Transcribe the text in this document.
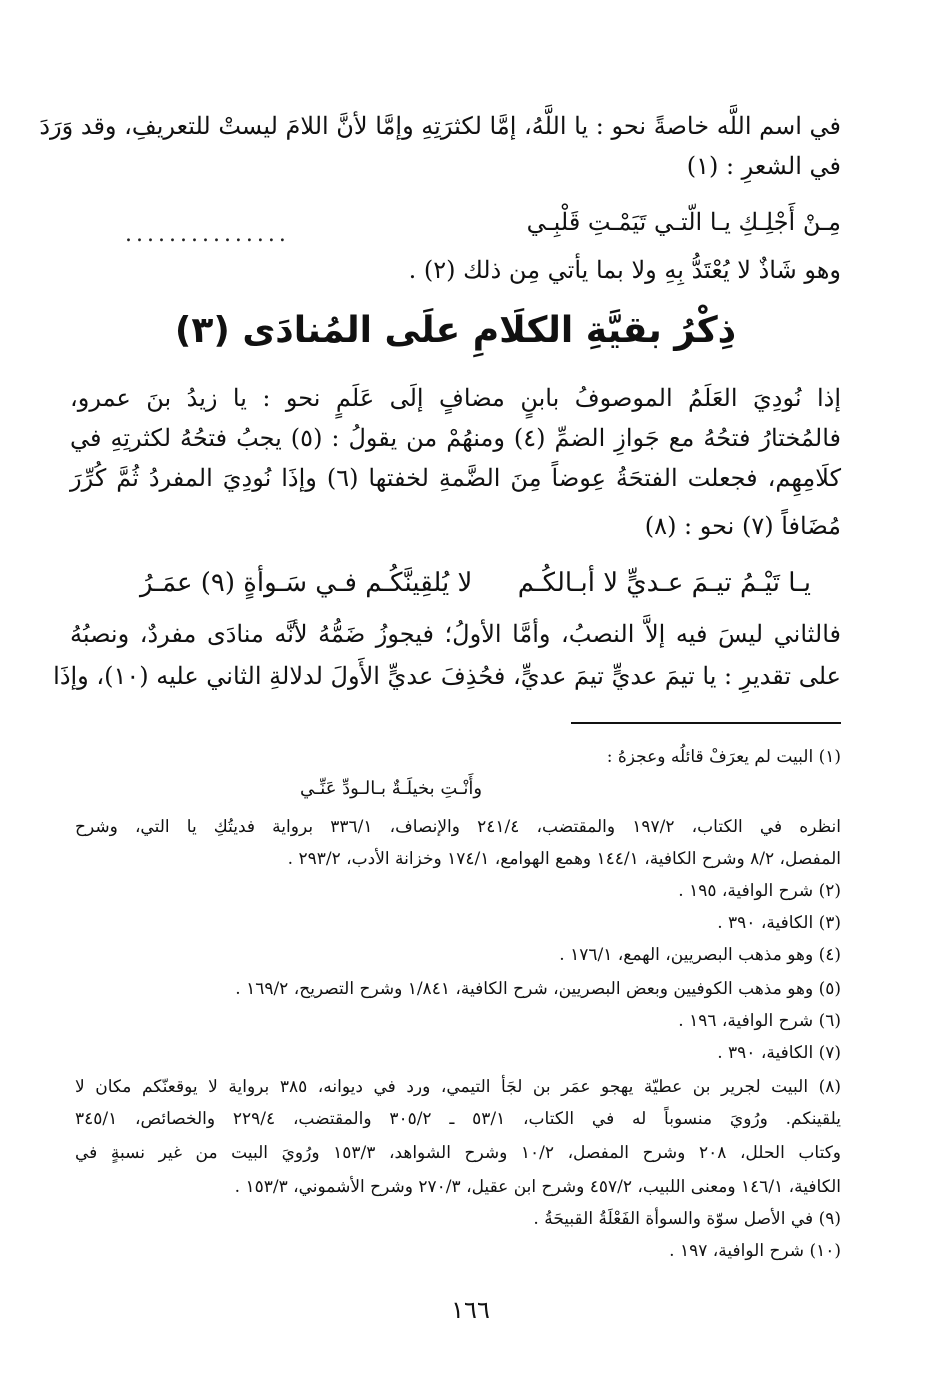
في اسم اللَّه خاصةً نحو : يا اللَّهُ، إمَّا لكثرَتِهِ وإمَّا لأنَّ اللامَ ليستْ للتعريفِ، وقد وَرَدَ
في الشعرِ : (١)
مِـنْ أَجْلِـكِ يـا الّتـي تَيَمْـتِ قَلْبِـي
...............
وهو شَاذٌ لا يُعْتَدُّ بِهِ ولا بما يأتي مِن ذلك (٢) .
ذِكْرُ بقيَّةِ الكلَامِ علَى المُنادَى (٣)
إذا نُودِيَ العَلَمُ الموصوفُ بابنٍ مضافٍ إلَى عَلَمٍ نحو : يا زيدُ بنَ عمرو،
فالمُختارُ فتحُهُ مع جَوازِ الضمِّ (٤) ومنهُمْ من يقولُ : (٥) يجبُ فتحُهُ لكثرتِهِ في
كلَامِهِم، فجعلت الفتحَةُ عِوضاً مِنَ الضَّمةِ لخفتها (٦) وإذَا نُودِيَ المفردُ ثُمَّ كُرِّرَ
مُضَافاً (٧) نحو : (٨)
يـا تَيْـمُ تيـمَ عـديٍّ لا أبـالكُـم
لا يُلقِينَّكُـم فـي سَـوأةٍ (٩) عمَـرُ
فالثاني ليسَ فيه إلاَّ النصبُ، وأمَّا الأولُ؛ فيجوزُ ضَمُّهُ لأنَّه منادَى مفردٌ، ونصبُهُ
على تقديرِ : يا تيمَ عديٍّ تيمَ عديٍّ، فحُذِفَ عديٍّ الأَولَ لدلالةِ الثاني عليه (١٠)، وإذَا
(١) البيت لم يعرَفْ قائلُه وعجزهُ :
وأَنْـتِ بخيلَـةٌ بـالـودِّ عَنِّـي
انظره في الكتاب، ١٩٧/٢ والمقتضب، ٢٤١/٤ والإنصاف، ٣٣٦/١ برواية فديتُكِ يا التي، وشرح
المفصل، ٨/٢ وشرح الكافية، ١٤٤/١ وهمع الهوامع، ١٧٤/١ وخزانة الأدب، ٢٩٣/٢ .
(٢) شرح الوافية، ١٩٥ .
(٣) الكافية، ٣٩٠ .
(٤) وهو مذهب البصريين، الهمع، ١٧٦/١ .
(٥) وهو مذهب الكوفيين وبعض البصريين، شرح الكافية، ١/٨٤١ وشرح التصريح، ١٦٩/٢ .
(٦) شرح الوافية، ١٩٦ .
(٧) الكافية، ٣٩٠ .
(٨) البيت لجرير بن عطيّة يهجو عمَر بن لجَأ التيمي، ورد في ديوانه، ٣٨٥ برواية لا يوقعنّكم مكان لا
يلقينكم. ورُويَ منسوباً له في الكتاب، ٥٣/١ ـ ٣٠٥/٢ والمقتضب، ٢٢٩/٤ والخصائص، ٣٤٥/١
وكتاب الحلل، ٢٠٨ وشرح المفصل، ١٠/٢ وشرح الشواهد، ١٥٣/٣ ورُويَ البيت من غير نسبةٍ في
الكافية، ١٤٦/١ ومعنى اللبيب، ٤٥٧/٢ وشرح ابن عقيل، ٢٧٠/٣ وشرح الأشموني، ١٥٣/٣ .
(٩) في الأصل سوّة والسوأة الفَعْلَةُ القبيحَةُ .
(١٠) شرح الوافية، ١٩٧ .
١٦٦
